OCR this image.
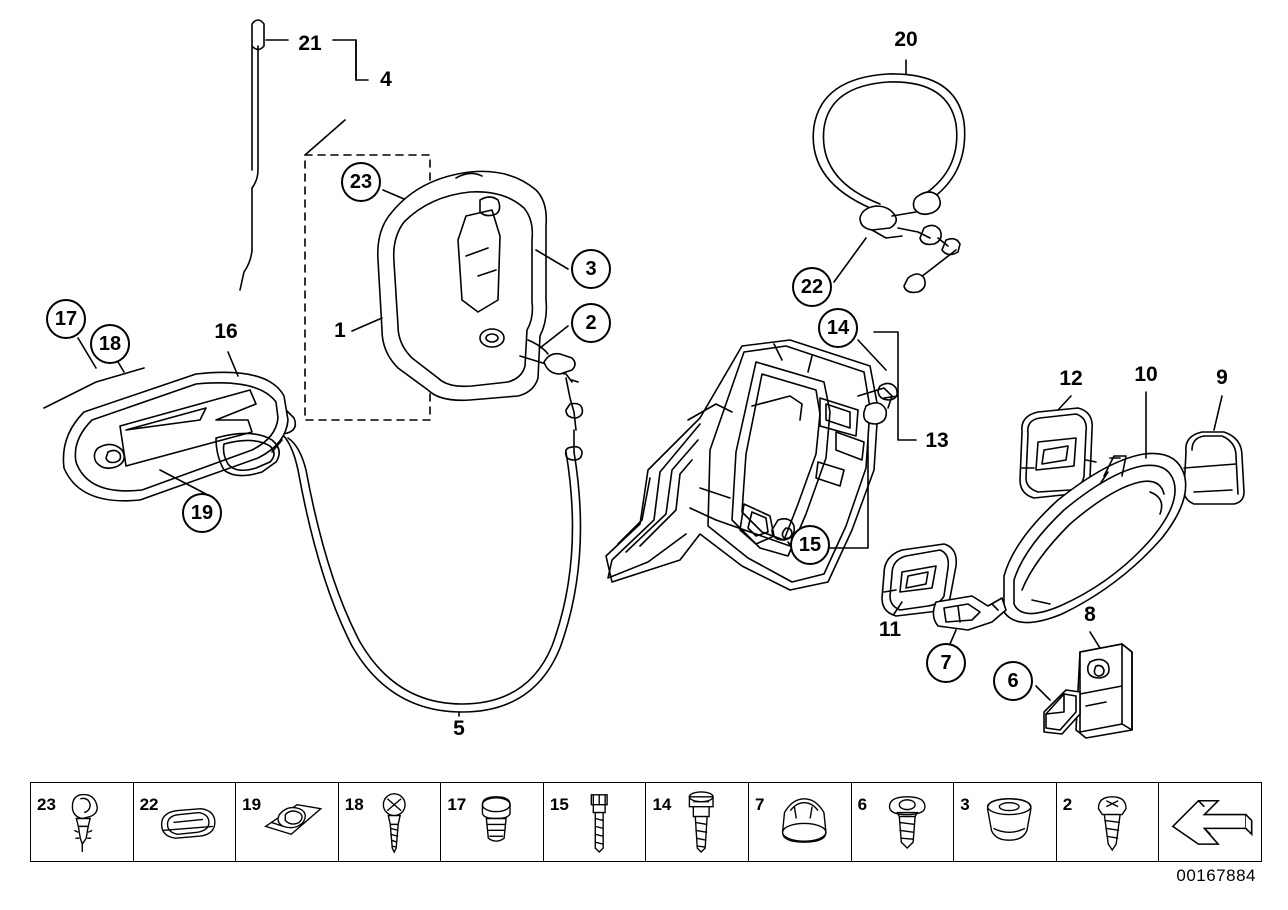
21
4
20
23
3
2
1
22
14
13
15
17
18
16
19
5
12 10	9
11
7
6
8
23	22	19	18	17	15	14	7	6	3	2
00167884
